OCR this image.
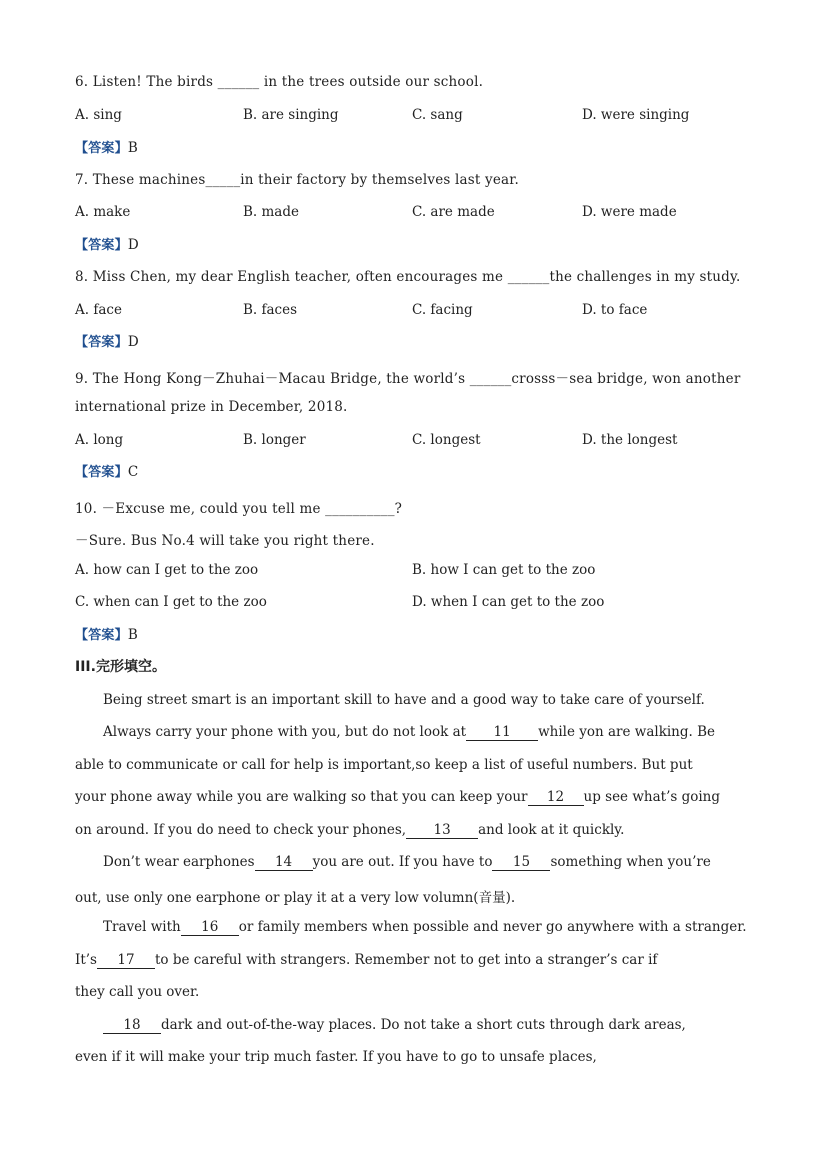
6. Listen! The birds ______ in the trees outside our school.
A. sing	B. are singing	C. sang	D. were singing
【答案】B
7. These machines_____in their factory by themselves last year.
A. make	B. made	C. are made	D. were made
【答案】D
8. Miss Chen, my dear English teacher, often encourages me ______the challenges in my study.
A. face	B. faces	C. facing	D. to face
【答案】D
9. The Hong Kong－Zhuhai－Macau Bridge, the world’s ______crosss－sea bridge, won another
international prize in December, 2018.
A. long	B. longer	C. longest	D. the longest
【答案】C
10. －Excuse me, could you tell me __________?
－Sure. Bus No.4 will take you right there.
A. how can I get to the zoo	B. how I can get to the zoo
C. when can I get to the zoo	D. when I can get to the zoo
【答案】B
III.完形填空。
Being street smart is an important skill to have and a good way to take care of yourself.
Always carry your phone with you, but do not look at 11 while yon are walking. Be
able to communicate or call for help is important,so keep a list of useful numbers. But put
your phone away while you are walking so that you can keep your 12 up see what’s going
on around. If you do need to check your phones, 13 and look at it quickly.
Don’t wear earphones 14 you are out. If you have to 15 something when you’re
out, use only one earphone or play it at a very low volumn(音量).
Travel with 16 or family members when possible and never go anywhere with a stranger.
It’s 17 to be careful with strangers. Remember not to get into a stranger’s car if
they call you over.
18 dark and out-of-the-way places. Do not take a short cuts through dark areas,
even if it will make your trip much faster. If you have to go to unsafe places,
